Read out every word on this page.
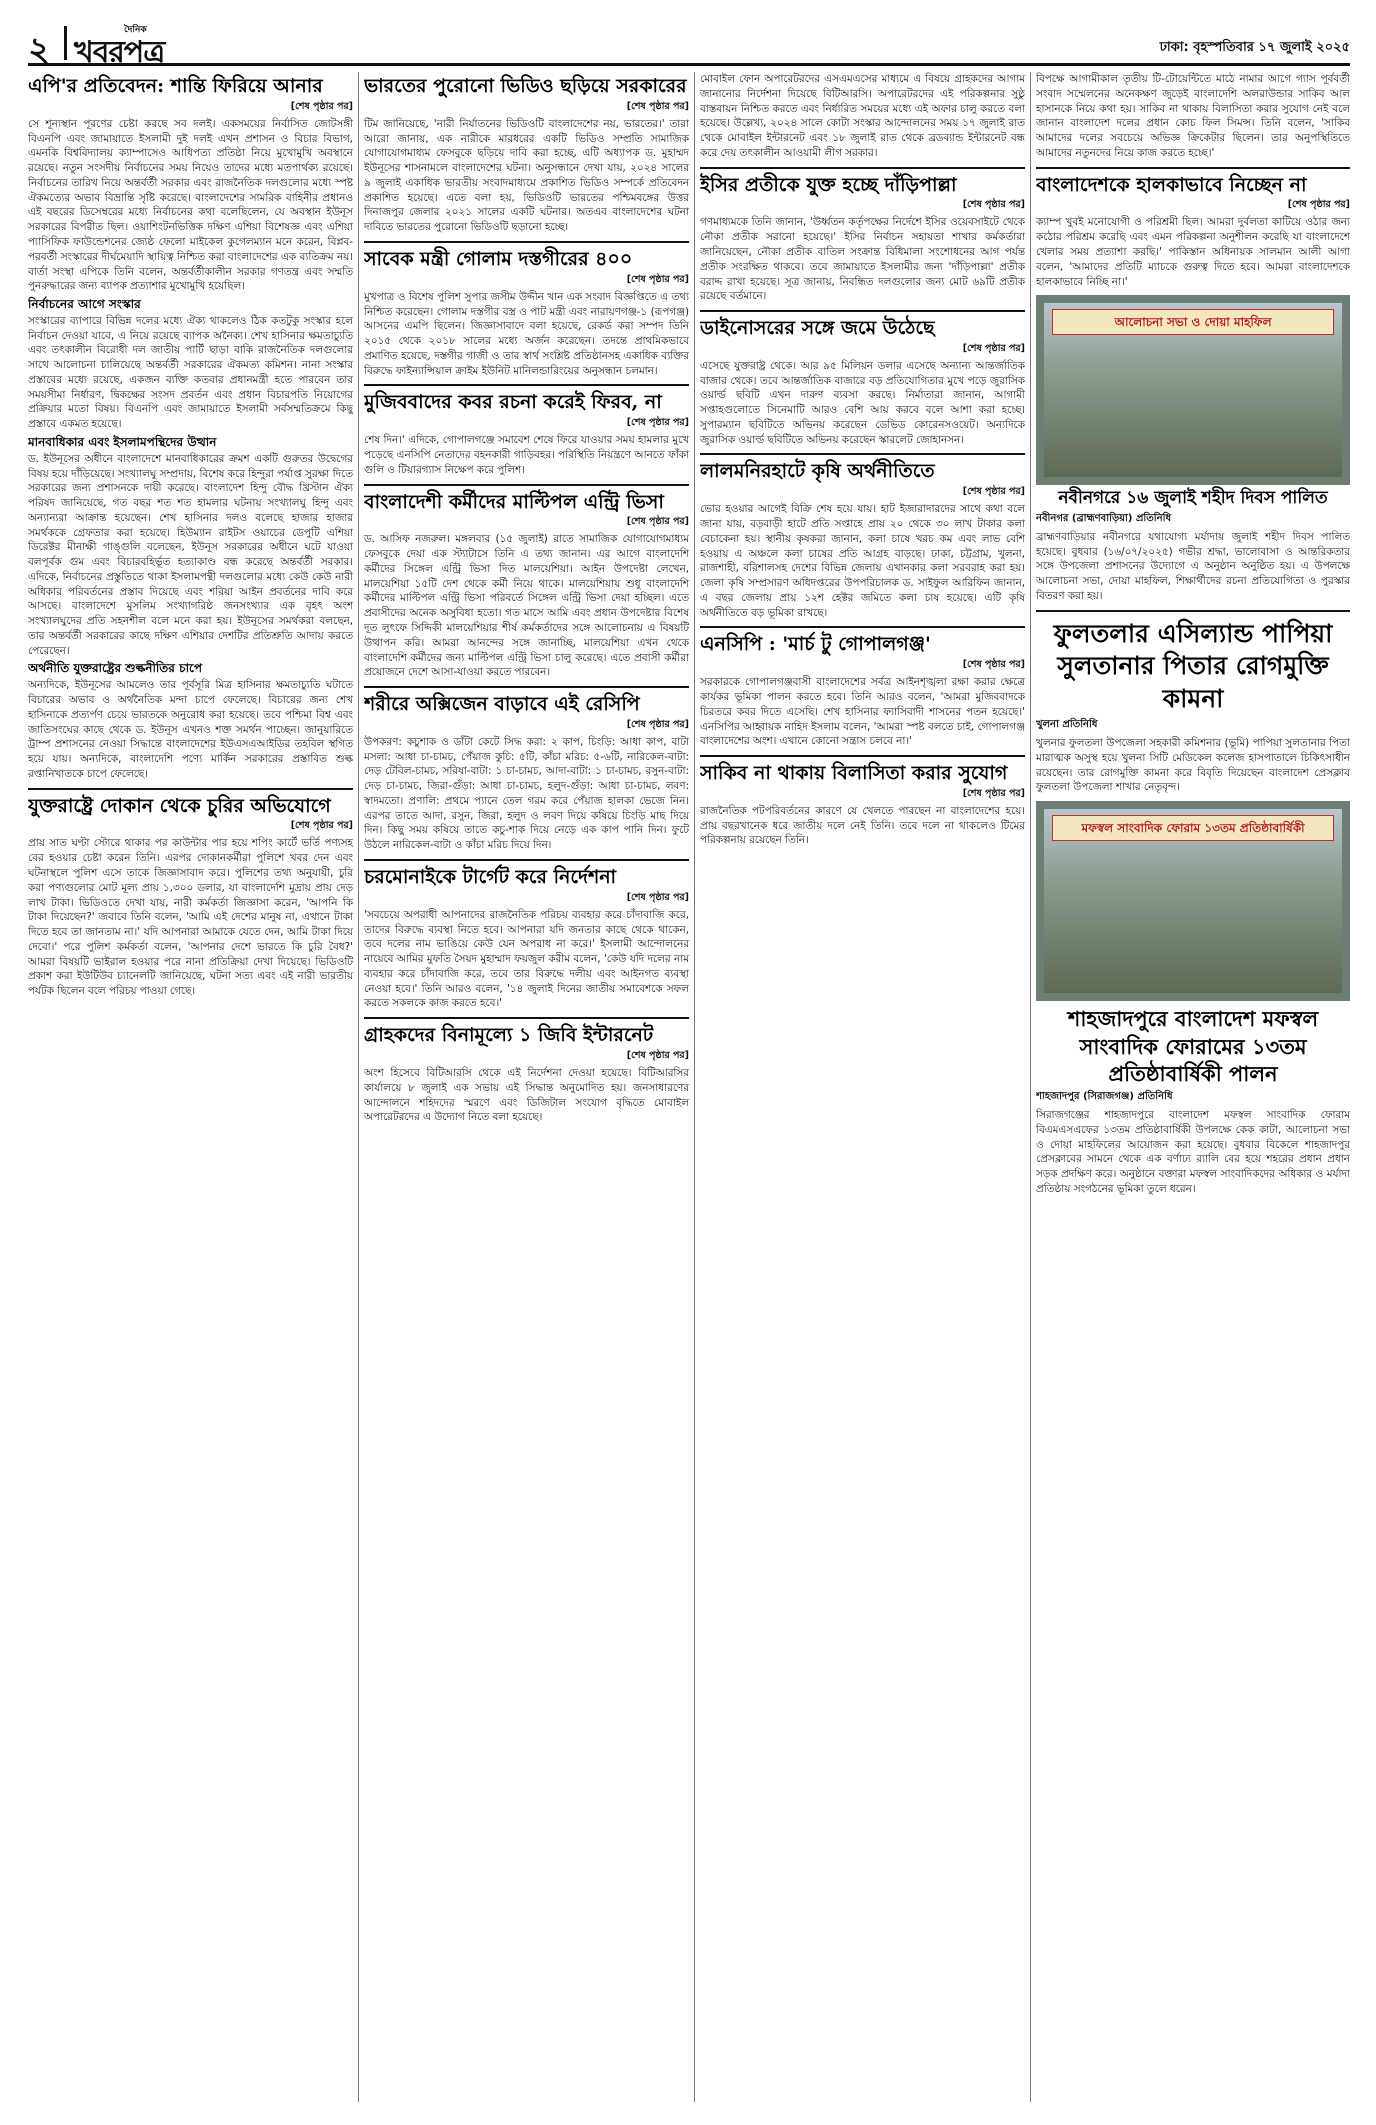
২	দৈনিক
খবরপত্র	ঢাকা: বৃহস্পতিবার ১৭ জুলাই ২০২৫
এপি'র প্রতিবেদন: শান্তি ফিরিয়ে আনার
[শেষ পৃষ্ঠার পর]

সে শূন্যস্থান পূরণের চেষ্টা করছে সব দলই। একসময়ের নির্বাসিত জোটসঙ্গী বিএনপি এবং জামায়াতে ইসলামী দুই দলই এখন প্রশাসন ও বিচার বিভাগ, এমনকি বিশ্ববিদ্যালয় ক্যাম্পাসেও আধিপত্য প্রতিষ্ঠা নিয়ে মুখোমুখি অবস্থানে রয়েছে। নতুন সংসদীয় নির্বাচনের সময় নিয়েও তাদের মধ্যে মতপার্থক্য রয়েছে। নির্বাচনের তারিখ নিয়ে অন্তর্বর্তী সরকার এবং রাজনৈতিক দলগুলোর মধ্যে স্পষ্ট ঐকমত্যের অভাব বিভ্রান্তি সৃষ্টি করেছে। বাংলাদেশের সামরিক বাহিনীর প্রধানও এই বছরের ডিসেম্বরের মধ্যে নির্বাচনের কথা বলেছিলেন, যে অবস্থান ইউনূস সরকারের বিপরীত ছিল। ওয়াশিংটনভিত্তিক দক্ষিণ এশিয়া বিশেষজ্ঞ এবং এশিয়া প্যাসিফিক ফাউন্ডেশনের জ্যেষ্ঠ ফেলো মাইকেল কুগেলম্যান মনে করেন, বিপ্লব-পরবর্তী সংস্কারের দীর্ঘমেয়াদি স্থায়িত্ব নিশ্চিত করা বাংলাদেশের এক ব্যতিক্রম নয়। বার্তা সংস্থা এপিকে তিনি বলেন, অন্তর্বর্তীকালীন সরকার গণতন্ত্র এবং সম্মতি পুনরুদ্ধারের জন্য ব্যাপক প্রত্যাশার মুখোমুখি হয়েছিল।

নির্বাচনের আগে সংস্কার

সংস্কারের ব্যাপারে বিভিন্ন দলের মধ্যে ঐক্য থাকলেও ঠিক কতটুকু সংস্কার হলে নির্বাচন দেওয়া যাবে, এ নিয়ে রয়েছে ব্যাপক অনৈক্য। শেখ হাসিনার ক্ষমতাচ্যুতি এবং তৎকালীন বিরোধী দল জাতীয় পার্টি ছাড়া বাকি রাজনৈতিক দলগুলোর সাথে আলোচনা চালিয়েছে অন্তর্বর্তী সরকারের ঐকমত্য কমিশন। নানা সংস্কার প্রস্তাবের মধ্যে রয়েছে, একজন ব্যক্তি কতবার প্রধানমন্ত্রী হতে পারবেন তার সময়সীমা নির্ধারণ, দ্বিকক্ষের সংসদ প্রবর্তন এবং প্রধান বিচারপতি নিয়োগের প্রক্রিয়ার মতো বিষয়। বিএনপি এবং জামায়াতে ইসলামী সর্বসম্মতিক্রমে কিছু প্রস্তাবে একমত হয়েছে।

মানবাধিকার এবং ইসলামপন্থিদের উত্থান

ড. ইউনূসের অধীনে বাংলাদেশে মানবাধিকারের ক্রমশ একটি গুরুতর উদ্বেগের বিষয় হয়ে দাঁড়িয়েছে। সংখ্যালঘু সম্প্রদায়, বিশেষ করে হিন্দুরা পর্যাপ্ত সুরক্ষা দিতে সরকারের জন্য প্রশাসনকে দায়ী করেছে। বাংলাদেশ হিন্দু বৌদ্ধ খ্রিস্টান ঐক্য পরিষদ জানিয়েছে, গত বছর শত শত হামলার ঘটনায় সংখ্যালঘু হিন্দু এবং অন্যান্যরা আক্রান্ত হয়েছেন। শেখ হাসিনার দলও বলেছে হাজার হাজার সমর্থককে গ্রেফতার করা হয়েছে। হিউম্যান রাইটস ওয়াচের ডেপুটি এশিয়া ডিরেক্টর মীনাক্ষী গাঙ্গুলি বলেছেন, ইউনূস সরকারের অধীনে ঘটে যাওয়া বলপূর্বক গুম এবং বিচারবহির্ভূত হত্যাকাণ্ড বন্ধ করেছে অন্তর্বর্তী সরকার। এদিকে, নির্বাচনের প্রস্তুতিতে থাকা ইসলামপন্থী দলগুলোর মধ্যে কেউ কেউ নারী অধিকার পরিবর্তনের প্রস্তাব দিয়েছে এবং শরিয়া আইন প্রবর্তনের দাবি করে আসছে। বাংলাদেশে মুসলিম সংখ্যাগরিষ্ঠ জনসংখ্যার এক বৃহৎ অংশ সংখ্যালঘুদের প্রতি সহনশীল বলে মনে করা হয়। ইউনূসের সমর্থকরা বলছেন, তার অন্তর্বর্তী সরকারের কাছে দক্ষিণ এশিয়ার দেশটির প্রতিশ্রুতি আদায় করতে পেরেছেন।

অর্থনীতি যুক্তরাষ্ট্রের শুল্কনীতির চাপে

অন্যদিকে, ইউনূসের আমলেও তার পূর্বসূরি মিত্র হাসিনার ক্ষমতাচ্যুতি ঘটাতে বিচারের অভাব ও অর্থনৈতিক মন্দা চাপে ফেলেছে। বিচারের জন্য শেখ হাসিনাকে প্রত্যর্পণ চেয়ে ভারতকে অনুরোধ করা হয়েছে। তবে পশ্চিমা বিশ্ব এবং জাতিসংঘের কাছে থেকে ড. ইউনূস এখনও শক্ত সমর্থন পাচ্ছেন। জানুয়ারিতে ট্রাম্প প্রশাসনের নেওয়া সিদ্ধান্তে বাংলাদেশের ইউএসএআইডির তহবিল স্থগিত হয়ে যায়। অন্যদিকে, বাংলাদেশি পণ্যে মার্কিন সরকারের প্রস্তাবিত শুল্ক রপ্তানিখাতকে চাপে ফেলেছে।

যুক্তরাষ্ট্রে দোকান থেকে চুরির অভিযোগে
[শেষ পৃষ্ঠার পর]

প্রায় সাত ঘণ্টা স্টোরে থাকার পর কাউন্টার পার হয়ে শপিং কার্টে ভর্তি পণ্যসহ বের হওয়ার চেষ্টা করেন তিনি। এরপর দোকানকর্মীরা পুলিশে খবর দেন এবং ঘটনাস্থলে পুলিশ এসে তাকে জিজ্ঞাসাবাদ করে। পুলিশের তথ্য অনুযায়ী, চুরি করা পণ্যগুলোর মোট মূল্য প্রায় ১,৩০০ ডলার, যা বাংলাদেশি মুদ্রায় প্রায় দেড় লাখ টাকা। ভিডিওতে দেখা যায়, নারী কর্মকর্তা জিজ্ঞাসা করেন, 'আপনি কি টাকা দিয়েছেন?' জবাবে তিনি বলেন, 'আমি এই দেশের মানুষ না, এখানে টাকা দিতে হবে তা জানতাম না।' যদি আপনারা আমাকে যেতে দেন, আমি টাকা দিয়ে দেবো।' পরে পুলিশ কর্মকর্তা বলেন, 'আপনার দেশে ভারতে কি চুরি বৈধ?' আমরা বিষয়টি ভাইরাল হওয়ার পরে নানা প্রতিক্রিয়া দেখা দিয়েছে। ভিডিওটি প্রকাশ করা ইউটিউব চ্যানেলটি জানিয়েছে, ঘটনা সত্য এবং এই নারী ভারতীয় পর্যটক ছিলেন বলে পরিচয় পাওয়া গেছে।

ভারতের পুরোনো ভিডিও ছড়িয়ে সরকারের
[শেষ পৃষ্ঠার পর]

টিম জানিয়েছে, 'নারী নির্যাতনের ভিডিওটি বাংলাদেশের নয়, ভারতের।' তারা আরো জানায়, এক নারীকে মারধরের একটি ভিডিও সম্প্রতি সামাজিক যোগাযোগমাধ্যম ফেসবুকে ছড়িয়ে দাবি করা হচ্ছে, এটি অধ্যাপক ড. মুহাম্মদ ইউনূসের শাসনামলে বাংলাদেশের ঘটনা। অনুসন্ধানে দেখা যায়, ২০২৪ সালের ৯ জুলাই একাধিক ভারতীয় সংবাদমাধ্যমে প্রকাশিত ভিডিও সম্পর্কে প্রতিবেদন প্রকাশিত হয়েছে। এতে বলা হয়, ভিডিওটি ভারতের পশ্চিমবঙ্গের উত্তর দিনাজপুর জেলার ২০২১ সালের একটি ঘটনার। অতএব বাংলাদেশের ঘটনা দাবিতে ভারতের পুরোনো ভিডিওটি ছড়ানো হচ্ছে।

সাবেক মন্ত্রী গোলাম দস্তগীরের ৪০০
[শেষ পৃষ্ঠার পর]

মুখপাত্র ও বিশেষ পুলিশ সুপার জসীম উদ্দীন খান এক সংবাদ বিজ্ঞপ্তিতে এ তথ্য নিশ্চিত করেছেন। গোলাম দস্তগীর বস্ত্র ও পাট মন্ত্রী এবং নারায়ণগঞ্জ-১ (রূপগঞ্জ) আসনের এমপি ছিলেন। জিজ্ঞাসাবাদে বলা হয়েছে, রেকর্ড করা সম্পদ তিনি ২০১৫ থেকে ২০১৮ সালের মধ্যে অর্জন করেছেন। তদন্তে প্রাথমিকভাবে প্রমাণিত হয়েছে, দস্তগীর গাজী ও তার স্বার্থ সংশ্লিষ্ট প্রতিষ্ঠানসহ একাধিক ব্যক্তির বিরুদ্ধে ফাইন্যান্সিয়াল ক্রাইম ইউনিট মানিলন্ডারিংয়ের অনুসন্ধান চলমান।

মুজিববাদের কবর রচনা করেই ফিরব, না
[শেষ পৃষ্ঠার পর]

শেষ দিন।' এদিকে, গোপালগঞ্জে সমাবেশ শেষে ফিরে যাওয়ার সময় হামলার মুখে পড়েছে এনসিপি নেতাদের বহনকারী গাড়িবহর। পরিস্থিতি নিয়ন্ত্রণে আনতে ফাঁকা গুলি ও টিয়ারগ্যাস নিক্ষেপ করে পুলিশ।

বাংলাদেশী কর্মীদের মাল্টিপল এন্ট্রি ভিসা
[শেষ পৃষ্ঠার পর]

ড. আসিফ নজরুল। মঙ্গলবার (১৫ জুলাই) রাতে সামাজিক যোগাযোগমাধ্যম ফেসবুকে দেয়া এক স্ট্যাটাসে তিনি এ তথ্য জানান। এর আগে বাংলাদেশি কর্মীদের সিঙ্গেল এন্ট্রি ভিসা দিত মালয়েশিয়া। আইন উপদেষ্টা লেখেন, মালয়েশিয়া ১৫টি দেশ থেকে কর্মী নিয়ে থাকে। মালয়েশিয়ায় শুধু বাংলাদেশি কর্মীদের মাল্টিপল এন্ট্রি ভিসা পরিবর্তে সিঙ্গেল এন্ট্রি ভিসা দেয়া হচ্ছিল। এতে প্রবাসীদের অনেক অসুবিধা হতো। গত মাসে আমি এবং প্রধান উপদেষ্টার বিশেষ দূত লুৎফে সিদ্দিকী মালয়েশিয়ার শীর্ষ কর্মকর্তাদের সঙ্গে আলোচনায় এ বিষয়টি উত্থাপন করি। আমরা আনন্দের সঙ্গে জানাচ্ছি, মালয়েশিয়া এখন থেকে বাংলাদেশি কর্মীদের জন্য মাল্টিপল এন্ট্রি ভিসা চালু করেছে। এতে প্রবাসী কর্মীরা প্রয়োজনে দেশে আসা-যাওয়া করতে পারবেন।

শরীরে অক্সিজেন বাড়াবে এই রেসিপি
[শেষ পৃষ্ঠার পর]

উপকরণ: কচুশাক ও ডাঁটা কেটে সিদ্ধ করা: ২ কাপ, চিংড়ি: আধা কাপ, বাটা মসলা: আধা চা-চামচ, পেঁয়াজ কুচি: ৫টি, কাঁচা মরিচ: ৫-৬টি, নারিকেল-বাটা: দেড় টেবিল-চামচ, সরিষা-বাটা: ১ চা-চামচ, আদা-বাটা: ১ চা-চামচ, রসুন-বাটা: দেড় চা-চামচ, জিরা-গুঁড়া: আধা চা-চামচ, হলুদ-গুঁড়া: আধা চা-চামচ, লবণ: স্বাদমতো। প্রণালি: প্রথমে প্যানে তেল গরম করে পেঁয়াজ হালকা ভেজে নিন। এরপর তাতে আদা, রসুন, জিরা, হলুদ ও লবণ দিয়ে কষিয়ে চিংড়ি মাছ দিয়ে দিন। কিছু সময় কষিয়ে তাতে কচু-শাক দিয়ে নেড়ে এক কাপ পানি দিন। ফুটে উঠলে নারিকেল-বাটা ও কাঁচা মরিচ দিয়ে দিন।

চরমোনাইকে টার্গেট করে নির্দেশনা
[শেষ পৃষ্ঠার পর]

'সবচেয়ে অপরাধী আপনাদের রাজনৈতিক পরিচয় ব্যবহার করে চাঁদাবাজি করে, তাদের বিরুদ্ধে ব্যবস্থা নিতে হবে। আপনারা যদি জনতার কাছে থেকে থাকেন, তবে দলের নাম ভাঙিয়ে কেউ যেন অপরাধ না করে।' ইসলামী আন্দোলনের নায়েবে আমির মুফতি সৈয়দ মুহাম্মাদ ফয়জুল করীম বলেন, 'কেউ যদি দলের নাম ব্যবহার করে চাঁদাবাজি করে, তবে তার বিরুদ্ধে দলীয় এবং আইনগত ব্যবস্থা নেওয়া হবে।' তিনি আরও বলেন, '১৪ জুলাই দিনের জাতীয় সমাবেশকে সফল করতে সকলকে কাজ করতে হবে।'

গ্রাহকদের বিনামূল্যে ১ জিবি ইন্টারনেট
[শেষ পৃষ্ঠার পর]

অংশ হিসেবে বিটিআরসি থেকে এই নির্দেশনা দেওয়া হয়েছে। বিটিআরসির কার্যালয়ে ৮ জুলাই এক সভায় এই সিদ্ধান্ত অনুমোদিত হয়। জনসাধারণের আন্দোলনে শহিদদের স্মরণে এবং ডিজিটাল সংযোগ বৃদ্ধিতে মোবাইল অপারেটরদের এ উদ্যোগ নিতে বলা হয়েছে।

মোবাইল ফোন অপারেটরদের এসএমএসের মাধ্যমে এ বিষয়ে গ্রাহকদের আগাম জানানোর নির্দেশনা দিয়েছে বিটিআরসি। অপারেটরদের এই পরিকল্পনার সুষ্ঠু বাস্তবায়ন নিশ্চিত করতে এবং নির্ধারিত সময়ের মধ্যে এই অফার চালু করতে বলা হয়েছে। উল্লেখ্য, ২০২৪ সালে কোটা সংস্কার আন্দোলনের সময় ১৭ জুলাই রাত থেকে মোবাইল ইন্টারনেট এবং ১৮ জুলাই রাত থেকে ব্রডব্যান্ড ইন্টারনেট বন্ধ করে দেয় তৎকালীন আওয়ামী লীগ সরকার।

ইসির প্রতীকে যুক্ত হচ্ছে দাঁড়িপাল্লা
[শেষ পৃষ্ঠার পর]

গণমাধ্যমকে তিনি জানান, 'উর্ধ্বতন কর্তৃপক্ষের নির্দেশে ইসির ওয়েবসাইটে থেকে নৌকা প্রতীক সরানো হয়েছে।' ইসির নির্বাচন সহায়তা শাখার কর্মকর্তারা জানিয়েছেন, নৌকা প্রতীক বাতিল সংক্রান্ত বিধিমালা সংশোধনের আগ পর্যন্ত প্রতীক সংরক্ষিত থাকবে। তবে জামায়াতে ইসলামীর জন্য 'দাঁড়িপাল্লা' প্রতীক বরাদ্দ রাখা হয়েছে। সূত্র জানায়, নিবন্ধিত দলগুলোর জন্য মোট ৬৯টি প্রতীক রয়েছে বর্তমানে।

ডাইনোসরের সঙ্গে জমে উঠেছে
[শেষ পৃষ্ঠার পর]

এসেছে যুক্তরাষ্ট্র থেকে। আর ৯৫ মিলিয়ন ডলার এসেছে অন্যান্য আন্তর্জাতিক বাজার থেকে। তবে আন্তর্জাতিক বাজারে বড় প্রতিযোগিতার মুখে পড়ে জুরাসিক ওয়ার্ল্ড ছবিটি এখন দারুণ ব্যবসা করছে। নির্মাতারা জানান, আগামী সপ্তাহগুলোতে সিনেমাটি আরও বেশি আয় করবে বলে আশা করা হচ্ছে। সুপারম্যান ছবিটিতে অভিনয় করেছেন ডেভিড কোরেনসওয়েট। অন্যদিকে জুরাসিক ওয়ার্ল্ড ছবিটিতে অভিনয় করেছেন স্কারলেট জোহানসন।

লালমনিরহাটে কৃষি অর্থনীতিতে
[শেষ পৃষ্ঠার পর]

ভোর হওয়ার আগেই বিক্রি শেষ হয়ে যায়। হাট ইজারাদারদের সাথে কথা বলে জানা যায়, বড়বাড়ী হাটে প্রতি সপ্তাহে প্রায় ২০ থেকে ৩০ লাখ টাকার কলা বেচাকেনা হয়। স্থানীয় কৃষকরা জানান, কলা চাষে খরচ কম এবং লাভ বেশি হওয়ায় এ অঞ্চলে কলা চাষের প্রতি আগ্রহ বাড়ছে। ঢাকা, চট্টগ্রাম, খুলনা, রাজশাহী, বরিশালসহ দেশের বিভিন্ন জেলায় এখানকার কলা সরবরাহ করা হয়। জেলা কৃষি সম্প্রসারণ অধিদপ্তরের উপপরিচালক ড. সাইফুল আরিফিন জানান, এ বছর জেলায় প্রায় ১২শ হেক্টর জমিতে কলা চাষ হয়েছে। এটি কৃষি অর্থনীতিতে বড় ভূমিকা রাখছে।

এনসিপি : 'মার্চ টু গোপালগঞ্জ'
[শেষ পৃষ্ঠার পর]

সরকারকে গোপালগঞ্জবাসী বাংলাদেশের সর্বত্র আইনশৃঙ্খলা রক্ষা করার ক্ষেত্রে কার্যকর ভূমিকা পালন করতে হবে। তিনি আরও বলেন, 'আমরা মুজিববাদকে চিরতরে কবর দিতে এসেছি। শেখ হাসিনার ফ্যাসিবাদী শাসনের পতন হয়েছে।' এনসিপির আহ্বায়ক নাহিদ ইসলাম বলেন, 'আমরা স্পষ্ট বলতে চাই, গোপালগঞ্জ বাংলাদেশের অংশ। এখানে কোনো সন্ত্রাস চলবে না।'

সাকিব না থাকায় বিলাসিতা করার সুযোগ
[শেষ পৃষ্ঠার পর]

রাজনৈতিক পটপরিবর্তনের কারণে যে খেলতে পারছেন না বাংলাদেশের হয়ে। প্রায় বছরখানেক ধরে জাতীয় দলে নেই তিনি। তবে দলে না থাকলেও টিমের পরিকল্পনায় রয়েছেন তিনি।

বিপক্ষে আগামীকাল তৃতীয় টি-টোয়েন্টিতে মাঠে নামার আগে গ্যাস পূর্ববর্তী সংবাদ সম্মেলনের অনেকক্ষণ জুড়েই বাংলাদেশি অলরাউন্ডার সাকিব আল হাসানকে নিয়ে কথা হয়। সাকিব না থাকায় বিলাসিতা করার সুযোগ নেই বলে জানান বাংলাদেশ দলের প্রধান কোচ ফিল সিমন্স। তিনি বলেন, 'সাকিব আমাদের দলের সবচেয়ে অভিজ্ঞ ক্রিকেটার ছিলেন। তার অনুপস্থিতিতে আমাদের নতুনদের নিয়ে কাজ করতে হচ্ছে।'

বাংলাদেশকে হালকাভাবে নিচ্ছেন না
[শেষ পৃষ্ঠার পর]

ক্যাম্প খুবই মনোযোগী ও পরিশ্রমী ছিল। আমরা দুর্বলতা কাটিয়ে ওঠার জন্য কঠোর পরিশ্রম করেছি এবং এমন পরিকল্পনা অনুশীলন করেছি যা বাংলাদেশে খেলার সময় প্রত্যাশা করছি।' পাকিস্তান অধিনায়ক সালমান আলী আগা বলেন, 'আমাদের প্রতিটি ম্যাচকে গুরুত্ব দিতে হবে। আমরা বাংলাদেশকে হালকাভাবে নিচ্ছি না।'

আলোচনা সভা ও দোয়া মাহফিল
নবীনগরে ১৬ জুলাই শহীদ দিবস পালিত
নবীনগর (ব্রাহ্মণবাড়িয়া) প্রতিনিধি

ব্রাহ্মণবাড়িয়ার নবীনগরে যথাযোগ্য মর্যাদায় জুলাই শহীদ দিবস পালিত হয়েছে। বুধবার (১৬/০৭/২০২৫) গভীর শ্রদ্ধা, ভালোবাসা ও আন্তরিকতার সঙ্গে উপজেলা প্রশাসনের উদ্যোগে এ অনুষ্ঠান অনুষ্ঠিত হয়। এ উপলক্ষে আলোচনা সভা, দোয়া মাহফিল, শিক্ষার্থীদের রচনা প্রতিযোগিতা ও পুরস্কার বিতরণ করা হয়।

ফুলতলার এসিল্যান্ড পাপিয়া সুলতানার পিতার রোগমুক্তি কামনা
খুলনা প্রতিনিধি

খুলনার ফুলতলা উপজেলা সহকারী কমিশনার (ভূমি) পাপিয়া সুলতানার পিতা মারাত্মক অসুস্থ হয়ে খুলনা সিটি মেডিকেল কলেজ হাসপাতালে চিকিৎসাধীন রয়েছেন। তার রোগমুক্তি কামনা করে বিবৃতি দিয়েছেন বাংলাদেশ প্রেসক্লাব ফুলতলা উপজেলা শাখার নেতৃবৃন্দ।

মফস্বল সাংবাদিক ফোরাম ১৩তম প্রতিষ্ঠাবার্ষিকী
শাহজাদপুরে বাংলাদেশ মফস্বল সাংবাদিক ফোরামের ১৩তম প্রতিষ্ঠাবার্ষিকী পালন
শাহজাদপুর (সিরাজগঞ্জ) প্রতিনিধি

সিরাজগঞ্জের শাহজাদপুরে বাংলাদেশ মফস্বল সাংবাদিক ফোরাম বিএমএসএফের ১৩তম প্রতিষ্ঠাবার্ষিকী উপলক্ষে কেক কাটা, আলোচনা সভা ও দোয়া মাহফিলের আয়োজন করা হয়েছে। বুধবার বিকেলে শাহজাদপুর প্রেসক্লাবের সামনে থেকে এক বর্ণাঢ্য র‍্যালি বের হয়ে শহরের প্রধান প্রধান সড়ক প্রদক্ষিণ করে। অনুষ্ঠানে বক্তারা মফস্বল সাংবাদিকদের অধিকার ও মর্যাদা প্রতিষ্ঠায় সংগঠনের ভূমিকা তুলে ধরেন।
